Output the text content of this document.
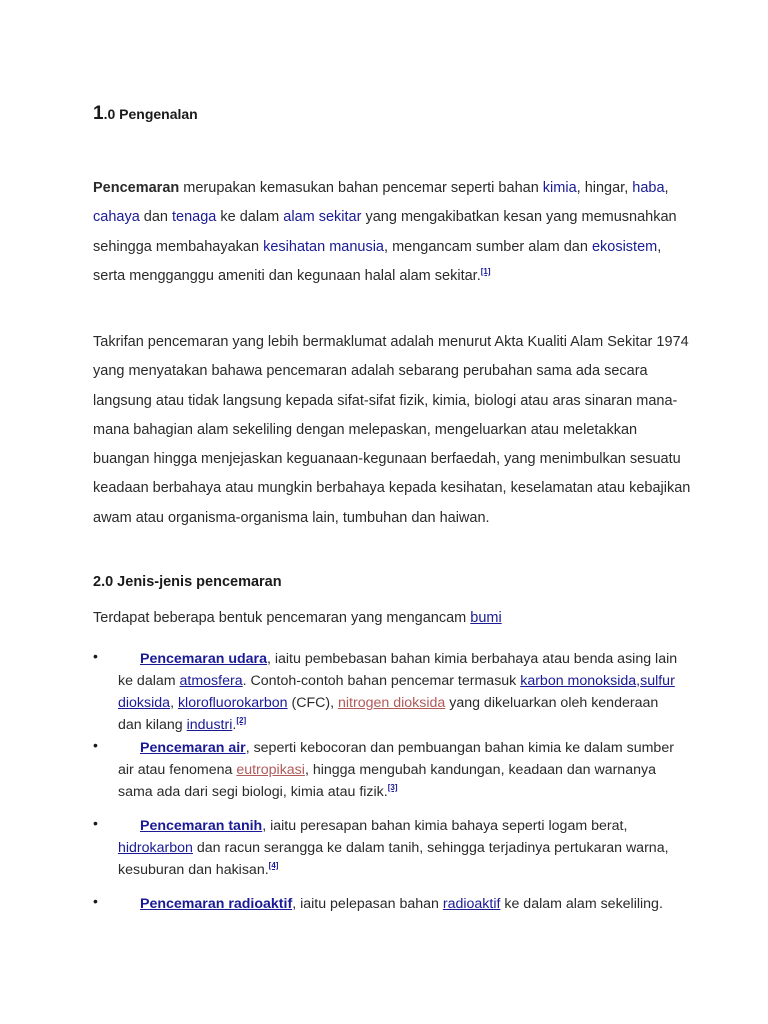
1.0 Pengenalan

Pencemaran merupakan kemasukan bahan pencemar seperti bahan kimia, hingar, haba, cahaya dan tenaga ke dalam alam sekitar yang mengakibatkan kesan yang memusnahkan sehingga membahayakan kesihatan manusia, mengancam sumber alam dan ekosistem, serta mengganggu ameniti dan kegunaan halal alam sekitar.[1]

Takrifan pencemaran yang lebih bermaklumat adalah menurut Akta Kualiti Alam Sekitar 1974 yang menyatakan bahawa pencemaran adalah sebarang perubahan sama ada secara langsung atau tidak langsung kepada sifat-sifat fizik, kimia, biologi atau aras sinaran mana-mana bahagian alam sekeliling dengan melepaskan, mengeluarkan atau meletakkan buangan hingga menjejaskan keguanaan-kegunaan berfaedah, yang menimbulkan sesuatu keadaan berbahaya atau mungkin berbahaya kepada kesihatan, keselamatan atau kebajikan awam atau organisma-organisma lain, tumbuhan dan haiwan.

2.0 Jenis-jenis pencemaran

Terdapat beberapa bentuk pencemaran yang mengancam bumi

•	Pencemaran udara, iaitu pembebasan bahan kimia berbahaya atau benda asing lain ke dalam atmosfera. Contoh-contoh bahan pencemar termasuk karbon monoksida,sulfur dioksida, klorofluorokarbon (CFC), nitrogen dioksida yang dikeluarkan oleh kenderaan dan kilang industri.[2]

•	Pencemaran air, seperti kebocoran dan pembuangan bahan kimia ke dalam sumber air atau fenomena eutropikasi, hingga mengubah kandungan, keadaan dan warnanya sama ada dari segi biologi, kimia atau fizik.[3]

•	Pencemaran tanih, iaitu peresapan bahan kimia bahaya seperti logam berat, hidrokarbon dan racun serangga ke dalam tanih, sehingga terjadinya pertukaran warna, kesuburan dan hakisan.[4]

•	Pencemaran radioaktif, iaitu pelepasan bahan radioaktif ke dalam alam sekeliling.
